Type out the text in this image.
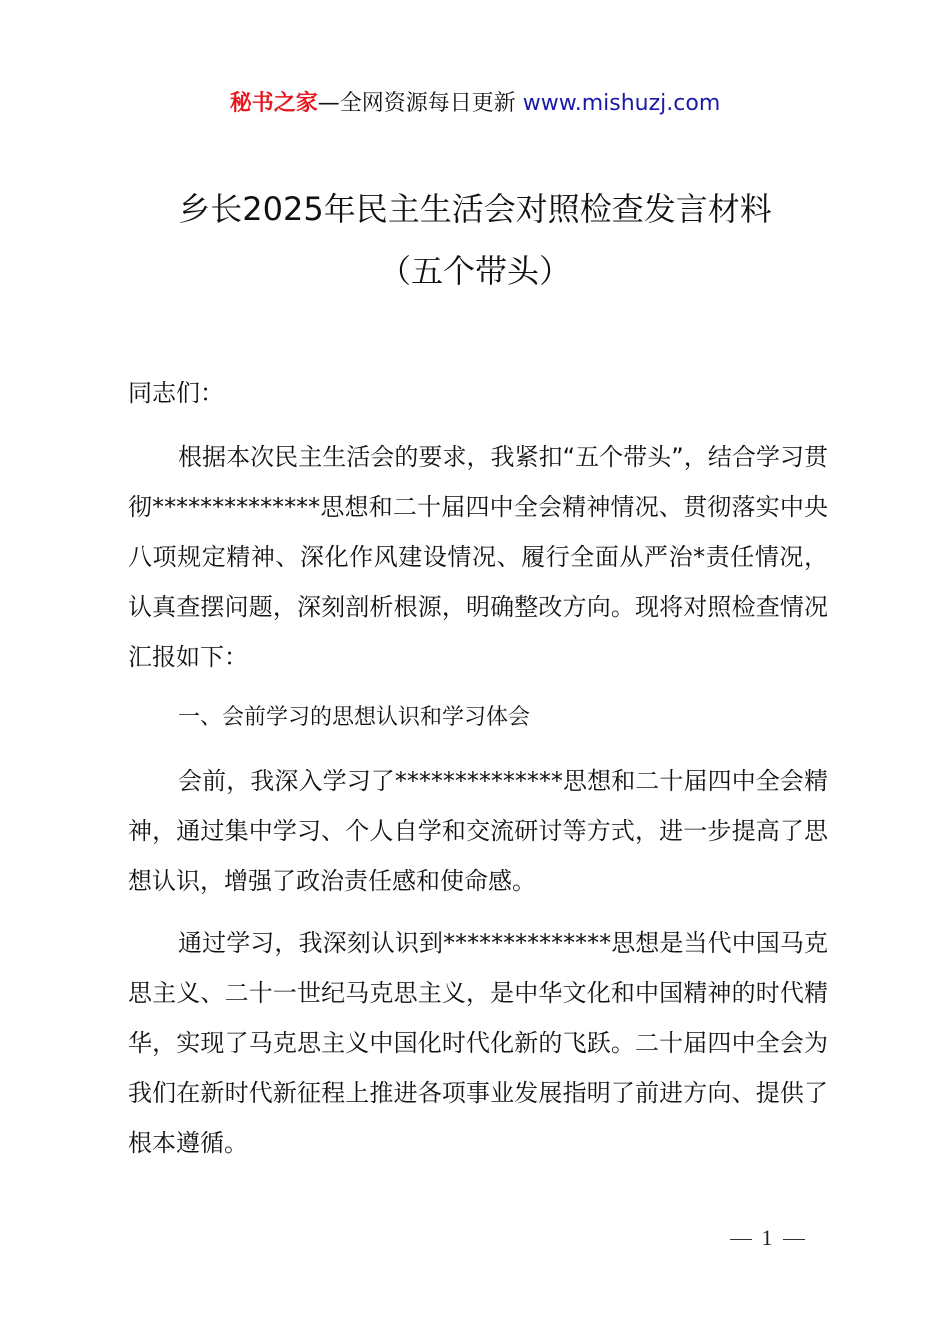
秘书之家—全网资源每日更新 www.mishuzj.com
乡长2025年民主生活会对照检查发言材料
（五个带头）
同志们：
根据本次民主生活会的要求，我紧扣“五个带头”，结合学习贯彻**************思想和二十届四中全会精神情况、贯彻落实中央八项规定精神、深化作风建设情况、履行全面从严治*责任情况，认真查摆问题，深刻剖析根源，明确整改方向。现将对照检查情况汇报如下：
一、会前学习的思想认识和学习体会
会前，我深入学习了**************思想和二十届四中全会精神，通过集中学习、个人自学和交流研讨等方式，进一步提高了思想认识，增强了政治责任感和使命感。
通过学习，我深刻认识到**************思想是当代中国马克思主义、二十一世纪马克思主义，是中华文化和中国精神的时代精华，实现了马克思主义中国化时代化新的飞跃。二十届四中全会为我们在新时代新征程上推进各项事业发展指明了前进方向、提供了根本遵循。
1
